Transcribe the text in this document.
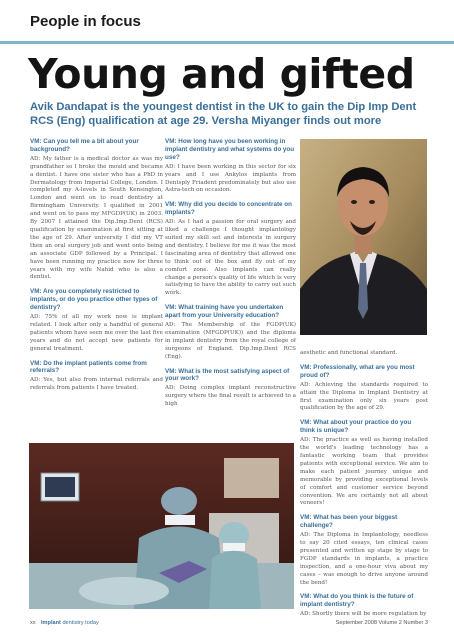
People in focus
Young and gifted
Avik Dandapat is the youngest dentist in the UK to gain the Dip Imp Dent RCS (Eng) qualification at age 29. Versha Miyanger finds out more

VM: Can you tell me a bit about your background?

AD: My father is a medical doctor as was my grandfather so I broke the mould and became a dentist. I have one sister who has a PhD in Dermatology from Imperial College, London. I completed my A-levels in South Kensington, London and went on to read dentistry at Birmingham University. I qualified in 2001 and went on to pass my MFGDP(UK) in 2003. By 2007 I attained the Dip.Imp.Dent (RCS) qualification by examination at first sitting at the age of 29. After university I did my VT then an oral surgery job and went onto being an associate GDP followed by a Principal. I have been running my practice now for three years with my wife Nahid who is also a dentist.

VM: Are you completely restricted to implants, or do you practice other types of dentistry?

AD: 75% of all my work now is implant related. I look after only a handful of general patients whom have seen me over the last five years and do not accept new patients for general treatment.

VM: Do the implant patients come from referrals?

AD: Yes, but also from internal referrals and referrals from patients I have treated.

VM: How long have you been working in implant dentistry and what systems do you use?

AD: I have been working in this sector for six years and I use Ankylos implants from Dentsply Friadent predominately but also use Astra-tech on occasion.

VM: Why did you decide to concentrate on implants?

AD: As I had a passion for oral surgery and liked a challenge I thought implantology suited my skill set and interests in surgery and dentistry. I believe for me it was the most fascinating area of dentistry that allowed one to think out of the box and fly out of my comfort zone. Also implants can really change a person's quality of life which is very satisfying to have the ability to carry out such work.

VM: What training have you undertaken apart from your University education?

AD: The Membership of the FGDP(UK) examination (MFGDP(UK)) and the diploma in implant dentistry from the royal college of surgeons of England. Dip.Imp.Dent RCS (Eng).

VM: What is the most satisfying aspect of your work?

AD: Doing complex implant reconstructive surgery where the final result is achieved to a high

aesthetic and functional standard.

VM: Professionally, what are you most proud of?

AD: Achieving the standards required to attain the Diploma in Implant Dentistry at first examination only six years post qualification by the age of 29.

VM: What about your practice do you think is unique?

AD: The practice as well as having installed the world's leading technology has a fantastic working team that provides patients with exceptional service. We aim to make each patient journey unique and memorable by providing exceptional levels of comfort and customer service beyond convention. We are certainly not all about veneers!

VM: What has been your biggest challenge?

AD: The Diploma in Implantology, needless to say 20 cited essays, ten clinical cases presented and written up stage by stage to FGDP standards in implants, a practice inspection, and a one-hour viva about my cases – was enough to drive anyone around the bend!

VM: What do you think is the future of implant dentistry?

AD: Shortly there will be more regulation by

xx Implant dentistry today	September 2008 Volume 2 Number 3
